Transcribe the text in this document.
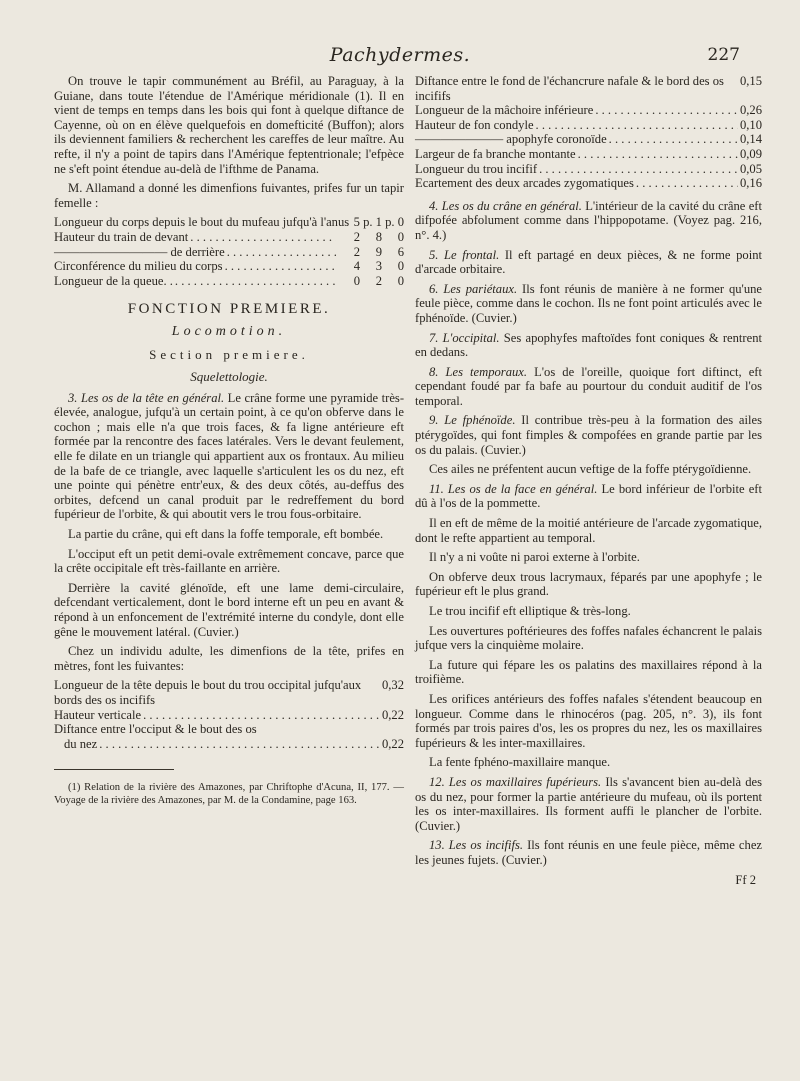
Pachydermes.	227

On trouve le tapir communément au Bréfil, au Paraguay, à la Guiane, dans toute l'étendue de l'Amérique méridionale (1). Il en vient de temps en temps dans les bois qui font à quelque diftance de Cayenne, où on en élève quelquefois en domefticité (Buffon); alors ils deviennent familiers & recherchent les careffes de leur maître. Au refte, il n'y a point de tapirs dans l'Amérique feptentrionale; l'efpèce ne s'eft point étendue au-delà de l'ifthme de Panama.

M. Allamand a donné les dimenfions fuivantes, prifes fur un tapir femelle :

Longueur du corps depuis le bout du mufeau jufqu'à l'anus . . . 5 p. 1 p. 0
Hauteur du train de devant . . .	2	8	0
————————— de derrière . . .	2	9	6
Circonférence du milieu du corps . . .	4	3	0
Longueur de la queue. . . . .	0	2	0
FONCTION PREMIERE.
Locomotion.
Section premiere.
Squelettologie.

3. Les os de la tête en général. Le crâne forme une pyramide très-élevée, analogue, jufqu'à un certain point, à ce qu'on obferve dans le cochon ; mais elle n'a que trois faces, & fa ligne antérieure eft formée par la rencontre des faces latérales. Vers le devant feulement, elle fe dilate en un triangle qui appartient aux os frontaux. Au milieu de la bafe de ce triangle, avec laquelle s'articulent les os du nez, eft une pointe qui pénètre entr'eux, & des deux côtés, au-deffus des orbites, defcend un canal produit par le redreffement du bord fupérieur de l'orbite, & qui aboutit vers le trou fous-orbitaire.

La partie du crâne, qui eft dans la foffe temporale, eft bombée.

L'occiput eft un petit demi-ovale extrêmement concave, parce que la crête occipitale eft très-faillante en arrière.

Derrière la cavité glénoïde, eft une lame demi-circulaire, defcendant verticalement, dont le bord interne eft un peu en avant & répond à un enfoncement de l'extrémité interne du condyle, dont elle gêne le mouvement latéral. (Cuvier.)

Chez un individu adulte, les dimenfions de la tête, prifes en mètres, font les fuivantes:

Longueur de la tête depuis le bout du trou occipital jufqu'aux bords des os incififs
0,32
Hauteur verticale . . .	0,22
Diftance entre l'occiput & le bout des os
du nez . . .	0,22

(1) Relation de la rivière des Amazones, par Chriftophe d'Acuna, II, 177. — Voyage de la rivière des Amazones, par M. de la Condamine, page 163.

Diftance entre le fond de l'échancrure nafale & le bord des os incififs
0,15
Longueur de la mâchoire inférieure . . .	0,26
Hauteur de fon condyle . . .	0,10
——————— apophyfe coronoïde . . .	0,14
Largeur de fa branche montante . . .	0,09
Longueur du trou incifif . . .	0,05
Ecartement des deux arcades zygomatiques . . .	0,16

4. Les os du crâne en général. L'intérieur de la cavité du crâne eft difpofée abfolument comme dans l'hippopotame. (Voyez pag. 216, n°. 4.)

5. Le frontal. Il eft partagé en deux pièces, & ne forme point d'arcade orbitaire.

6. Les pariétaux. Ils font réunis de manière à ne former qu'une feule pièce, comme dans le cochon. Ils ne font point articulés avec le fphénoïde. (Cuvier.)

7. L'occipital. Ses apophyfes maftoïdes font coniques & rentrent en dedans.

8. Les temporaux. L'os de l'oreille, quoique fort diftinct, eft cependant foudé par fa bafe au pourtour du conduit auditif de l'os temporal.

9. Le fphénoïde. Il contribue très-peu à la formation des ailes ptérygoïdes, qui font fimples & compofées en grande partie par les os du palais. (Cuvier.)

Ces ailes ne préfentent aucun veftige de la foffe ptérygoïdienne.

11. Les os de la face en général. Le bord inférieur de l'orbite eft dû à l'os de la pommette.

Il en eft de même de la moitié antérieure de l'arcade zygomatique, dont le refte appartient au temporal.

Il n'y a ni voûte ni paroi externe à l'orbite.

On obferve deux trous lacrymaux, féparés par une apophyfe ; le fupérieur eft le plus grand.

Le trou incifif eft elliptique & très-long.

Les ouvertures poftérieures des foffes nafales échancrent le palais jufque vers la cinquième molaire.

La future qui fépare les os palatins des maxillaires répond à la troifième.

Les orifices antérieurs des foffes nafales s'étendent beaucoup en longueur. Comme dans le rhinocéros (pag. 205, n°. 3), ils font formés par trois paires d'os, les os propres du nez, les os maxillaires fupérieurs & les inter-maxillaires.

La fente fphéno-maxillaire manque.

12. Les os maxillaires fupérieurs. Ils s'avancent bien au-delà des os du nez, pour former la partie antérieure du mufeau, où ils portent les os inter-maxillaires. Ils forment auffi le plancher de l'orbite. (Cuvier.)

13. Les os incififs. Ils font réunis en une feule pièce, même chez les jeunes fujets. (Cuvier.)

Ff 2
